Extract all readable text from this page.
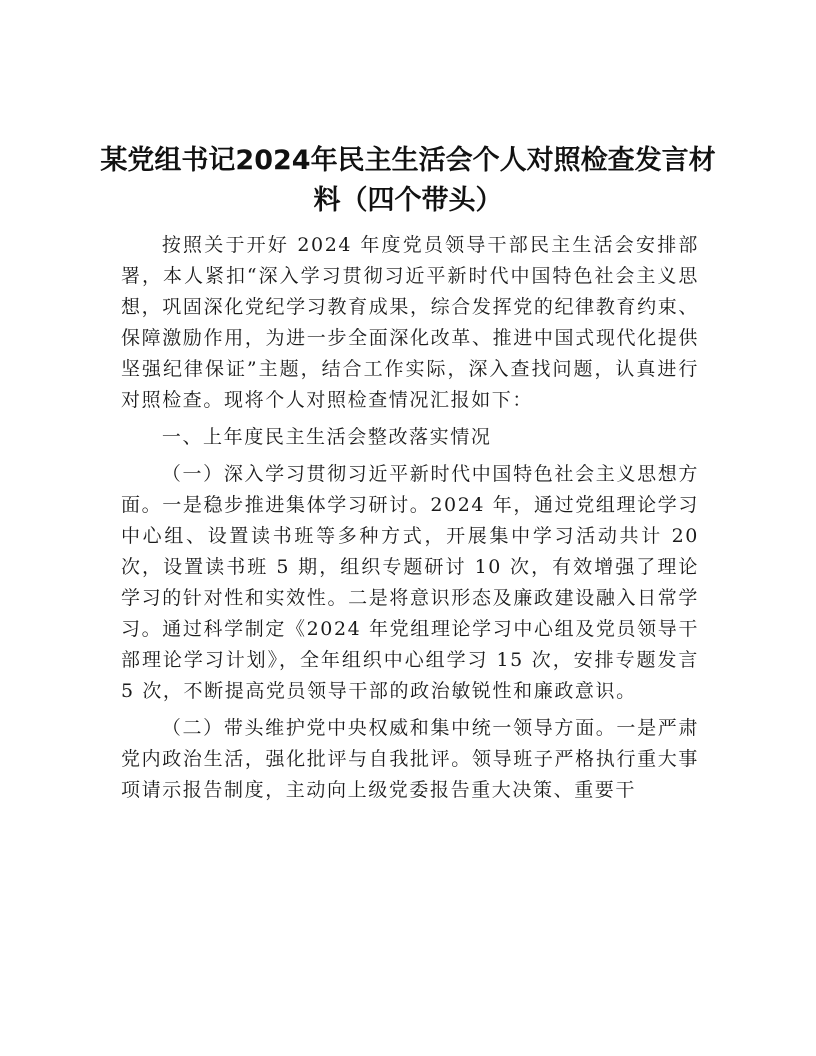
某党组书记2024年民主生活会个人对照检查发言材料（四个带头）

按照关于开好 2024 年度党员领导干部民主生活会安排部署，本人紧扣“深入学习贯彻习近平新时代中国特色社会主义思想，巩固深化党纪学习教育成果，综合发挥党的纪律教育约束、保障激励作用，为进一步全面深化改革、推进中国式现代化提供坚强纪律保证”主题，结合工作实际，深入查找问题，认真进行对照检查。现将个人对照检查情况汇报如下：

一、上年度民主生活会整改落实情况

（一）深入学习贯彻习近平新时代中国特色社会主义思想方面。一是稳步推进集体学习研讨。2024 年，通过党组理论学习中心组、设置读书班等多种方式，开展集中学习活动共计 20 次，设置读书班 5 期，组织专题研讨 10 次，有效增强了理论学习的针对性和实效性。二是将意识形态及廉政建设融入日常学习。通过科学制定《2024 年党组理论学习中心组及党员领导干部理论学习计划》，全年组织中心组学习 15 次，安排专题发言 5 次，不断提高党员领导干部的政治敏锐性和廉政意识。

（二）带头维护党中央权威和集中统一领导方面。一是严肃党内政治生活，强化批评与自我批评。领导班子严格执行重大事项请示报告制度，主动向上级党委报告重大决策、重要干
